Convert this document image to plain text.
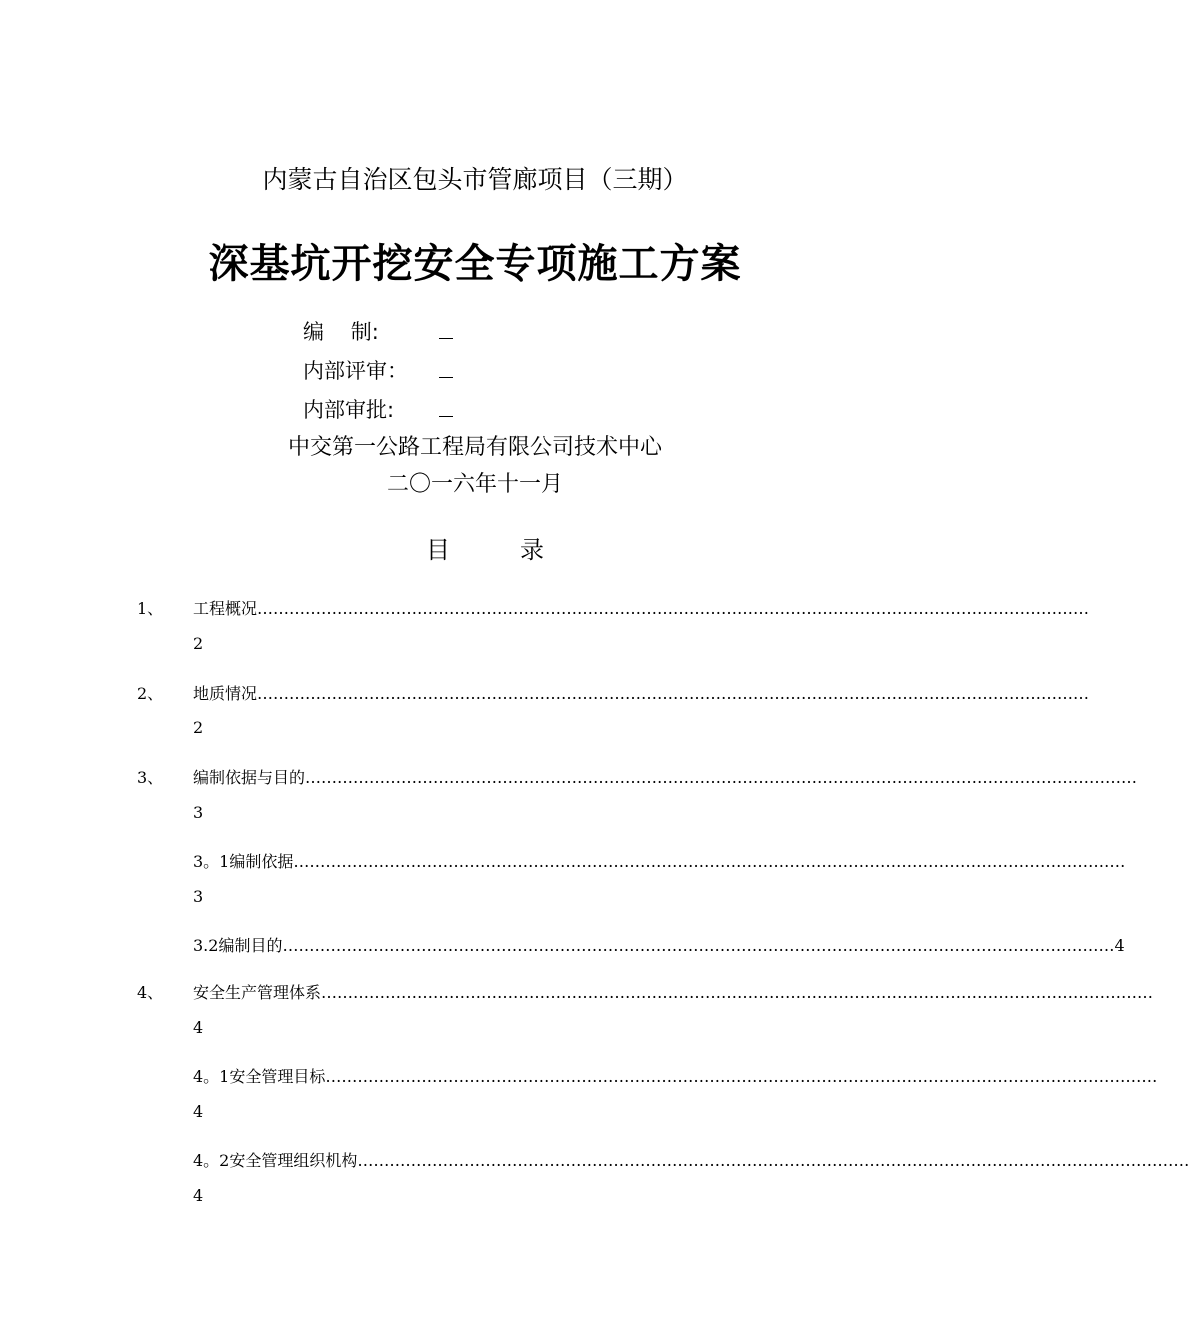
内蒙古自治区包头市管廊项目（三期）
深基坑开挖安全专项施工方案
编    制:
内部评审：
内部审批:
中交第一公路工程局有限公司技术中心
二〇一六年十一月
目	录
1、 工程概况 …………………………………………………………………………………………………………………………………………
2
2、 地质情况 …………………………………………………………………………………………………………………………………………
2
3、 编制依据与目的 …………………………………………………………………………………………………………………………………………
3
3。1编制依据 …………………………………………………………………………………………………………………………………………
3
3.2编制目的 ………………………………………………………………………………………………………………………………………… 4
4、 安全生产管理体系 …………………………………………………………………………………………………………………………………………
4
4。1安全管理目标 …………………………………………………………………………………………………………………………………………
4
4。2安全管理组织机构 …………………………………………………………………………………………………………………………………………
4
